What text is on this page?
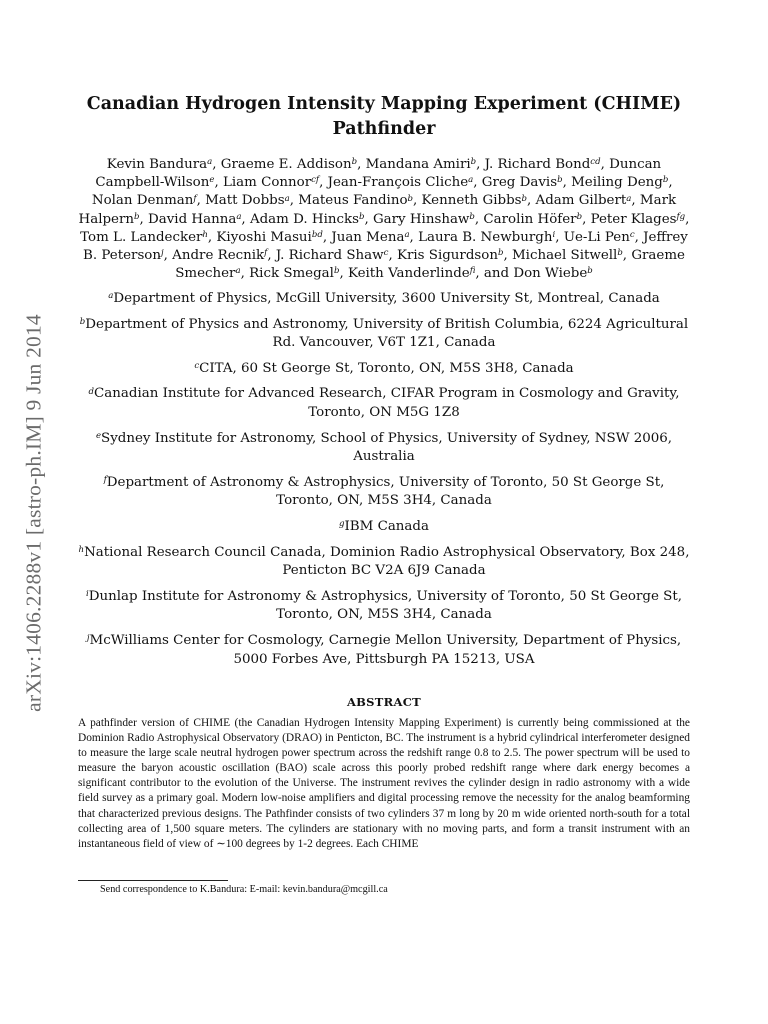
arXiv:1406.2288v1 [astro-ph.IM] 9 Jun 2014
Canadian Hydrogen Intensity Mapping Experiment (CHIME)
Pathfinder
Kevin Bandura$^a$, Graeme E. Addison$^b$, Mandana Amiri$^b$, J. Richard Bond$^{cd}$, Duncan Campbell-Wilson$^e$, Liam Connor$^{cf}$, Jean-François Cliche$^a$, Greg Davis$^b$, Meiling Deng$^b$, Nolan Denman$^f$, Matt Dobbs$^a$, Mateus Fandino$^b$, Kenneth Gibbs$^b$, Adam Gilbert$^a$, Mark Halpern$^b$, David Hanna$^a$, Adam D. Hincks$^b$, Gary Hinshaw$^b$, Carolin Höfer$^b$, Peter Klages$^{fg}$, Tom L. Landecker$^h$, Kiyoshi Masui$^{bd}$, Juan Mena$^a$, Laura B. Newburgh$^i$, Ue-Li Pen$^c$, Jeffrey B. Peterson$^j$, Andre Recnik$^f$, J. Richard Shaw$^c$, Kris Sigurdson$^b$, Michael Sitwell$^b$, Graeme Smecher$^a$, Rick Smegal$^b$, Keith Vanderlinde$^{fi}$, and Don Wiebe$^b$
$^a$Department of Physics, McGill University, 3600 University St, Montreal, Canada
$^b$Department of Physics and Astronomy, University of British Columbia, 6224 Agricultural Rd. Vancouver, V6T 1Z1, Canada
$^c$CITA, 60 St George St, Toronto, ON, M5S 3H8, Canada
$^d$Canadian Institute for Advanced Research, CIFAR Program in Cosmology and Gravity, Toronto, ON M5G 1Z8
$^e$Sydney Institute for Astronomy, School of Physics, University of Sydney, NSW 2006, Australia
$^f$Department of Astronomy & Astrophysics, University of Toronto, 50 St George St, Toronto, ON, M5S 3H4, Canada
$^g$IBM Canada
$^h$National Research Council Canada, Dominion Radio Astrophysical Observatory, Box 248, Penticton BC V2A 6J9 Canada
$^i$Dunlap Institute for Astronomy & Astrophysics, University of Toronto, 50 St George St, Toronto, ON, M5S 3H4, Canada
$^j$McWilliams Center for Cosmology, Carnegie Mellon University, Department of Physics, 5000 Forbes Ave, Pittsburgh PA 15213, USA
ABSTRACT
A pathfinder version of CHIME (the Canadian Hydrogen Intensity Mapping Experiment) is currently being commissioned at the Dominion Radio Astrophysical Observatory (DRAO) in Penticton, BC. The instrument is a hybrid cylindrical interferometer designed to measure the large scale neutral hydrogen power spectrum across the redshift range 0.8 to 2.5. The power spectrum will be used to measure the baryon acoustic oscillation (BAO) scale across this poorly probed redshift range where dark energy becomes a significant contributor to the evolution of the Universe. The instrument revives the cylinder design in radio astronomy with a wide field survey as a primary goal. Modern low-noise amplifiers and digital processing remove the necessity for the analog beamforming that characterized previous designs. The Pathfinder consists of two cylinders 37 m long by 20 m wide oriented north-south for a total collecting area of 1,500 square meters. The cylinders are stationary with no moving parts, and form a transit instrument with an instantaneous field of view of ∼100 degrees by 1-2 degrees. Each CHIME
Send correspondence to K.Bandura: E-mail: kevin.bandura@mcgill.ca
